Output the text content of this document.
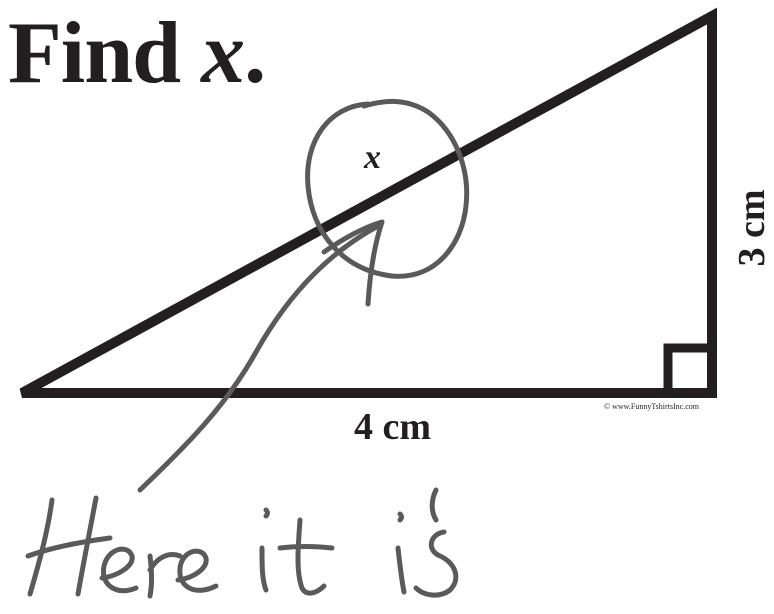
Find x.
x
3 cm
4 cm	© www.FunnyTshirtsInc.com
